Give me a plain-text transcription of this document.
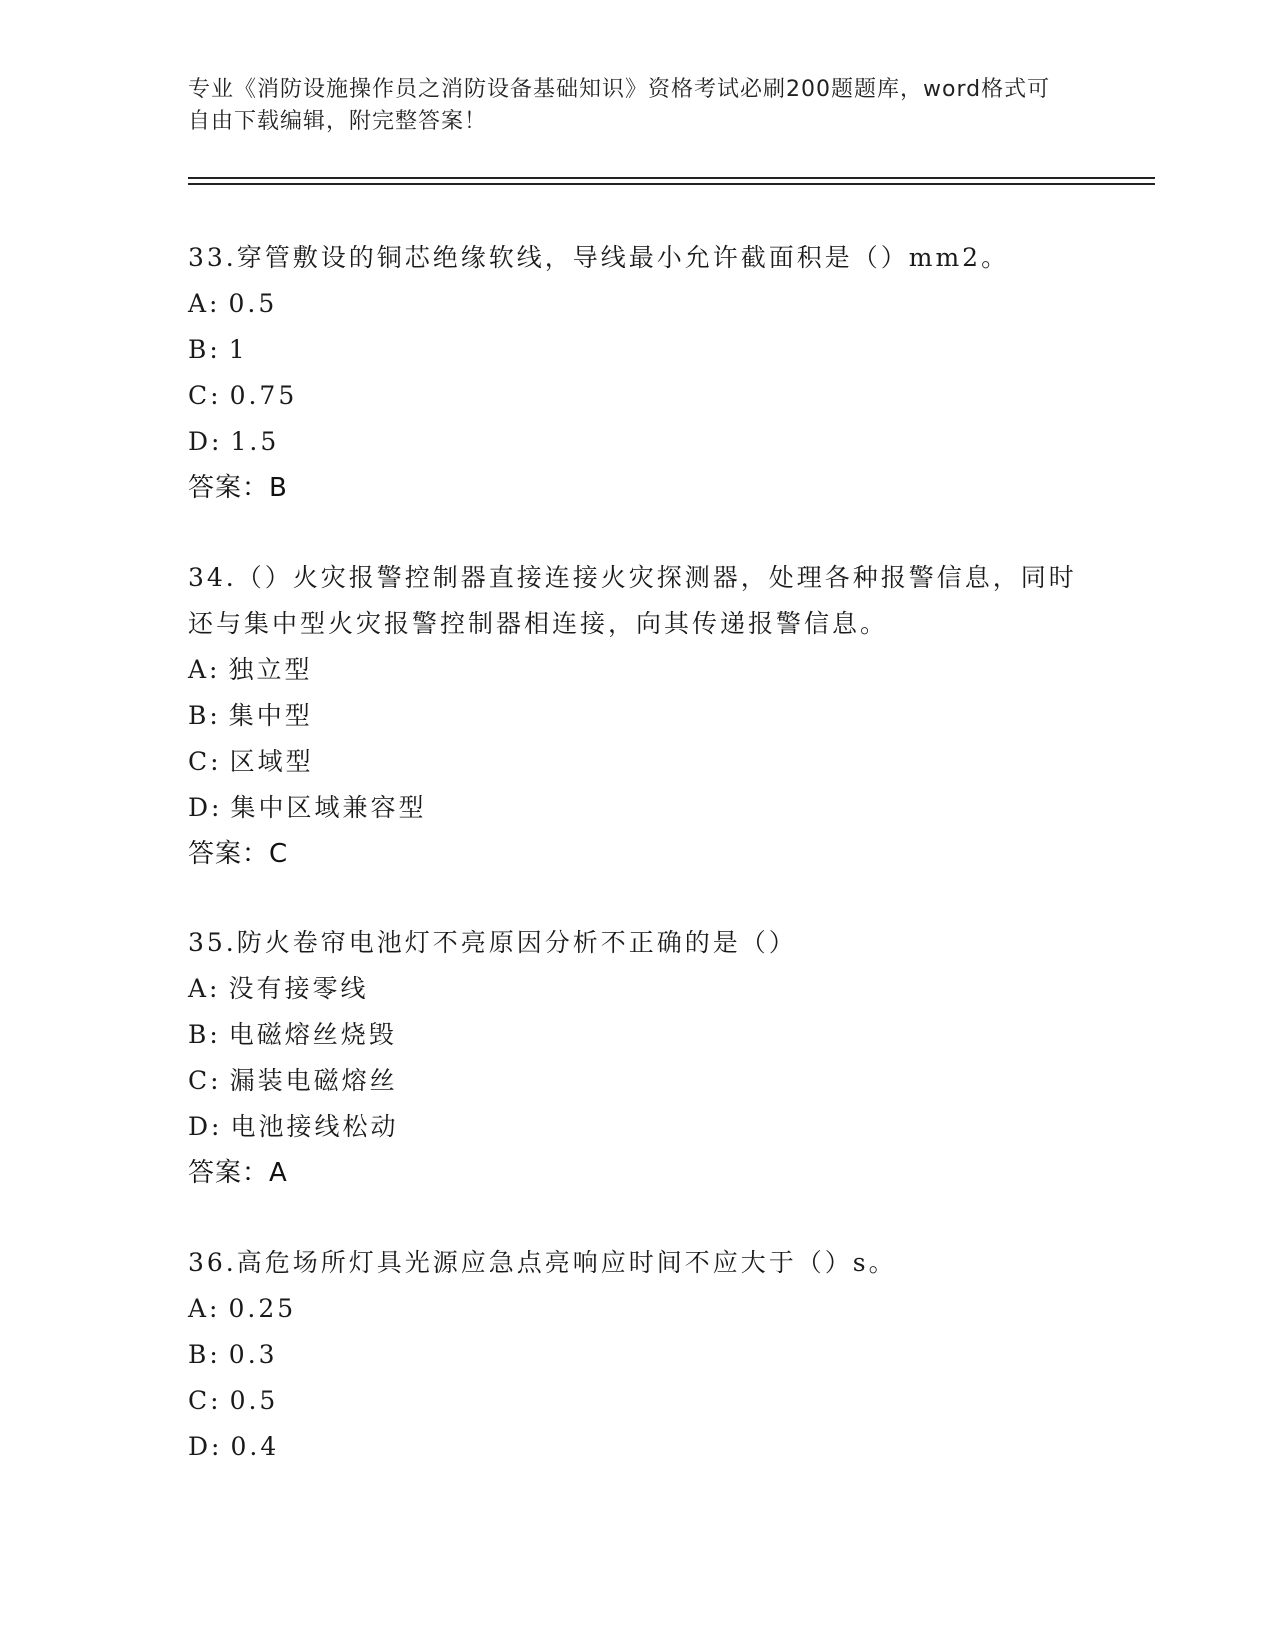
专业《消防设施操作员之消防设备基础知识》资格考试必刷200题题库，word格式可自由下载编辑，附完整答案！

33.穿管敷设的铜芯绝缘软线，导线最小允许截面积是（）mm2。

A: 0.5

B: 1

C: 0.75

D: 1.5

答案：B

34.（）火灾报警控制器直接连接火灾探测器，处理各种报警信息，同时还与集中型火灾报警控制器相连接，向其传递报警信息。

A: 独立型

B: 集中型

C: 区域型

D: 集中区域兼容型

答案：C

35.防火卷帘电池灯不亮原因分析不正确的是（）

A: 没有接零线

B: 电磁熔丝烧毁

C: 漏装电磁熔丝

D: 电池接线松动

答案：A

36.高危场所灯具光源应急点亮响应时间不应大于（）s。

A: 0.25

B: 0.3

C: 0.5

D: 0.4
